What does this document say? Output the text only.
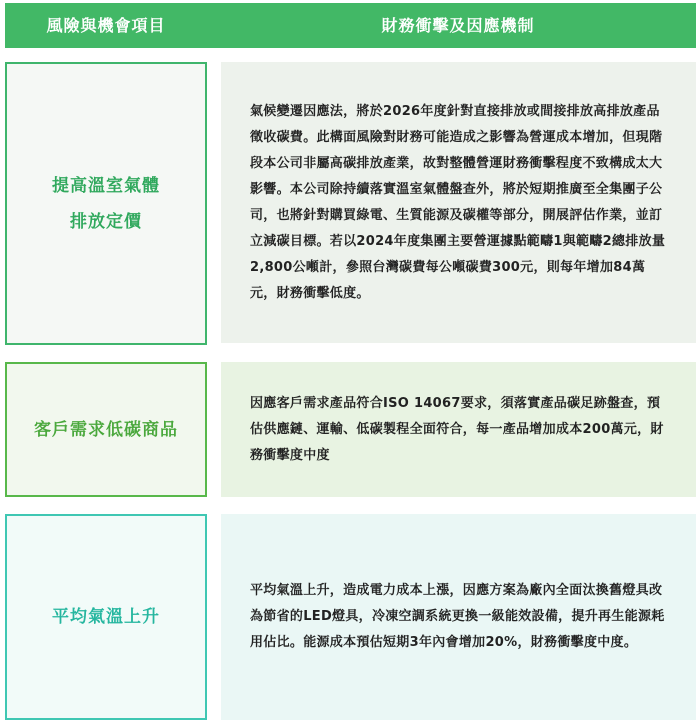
風險與機會項目	財務衝擊及因應機制
提高溫室氣體
排放定價

氣候變遷因應法，將於2026年度針對直接排放或間接排放高排放產品徵收碳費。此構面風險對財務可能造成之影響為營運成本增加，但現階段本公司非屬高碳排放產業，故對整體營運財務衝擊程度不致構成太大影響。本公司除持續落實溫室氣體盤查外，將於短期推廣至全集團子公司，也將針對購買綠電、生質能源及碳權等部分，開展評估作業，並訂立減碳目標。若以2024年度集團主要營運據點範疇1與範疇2總排放量2,800公噸計，參照台灣碳費每公噸碳費300元，則每年增加84萬元，財務衝擊低度。

客戶需求低碳商品

因應客戶需求產品符合ISO 14067要求，須落實產品碳足跡盤查，預估供應鏈、運輸、低碳製程全面符合，每一產品增加成本200萬元，財務衝擊度中度

平均氣溫上升

平均氣溫上升，造成電力成本上漲，因應方案為廠內全面汰換舊燈具改為節省的LED燈具，冷凍空調系統更換一級能效設備，提升再生能源耗用佔比。能源成本預估短期3年內會增加20%，財務衝擊度中度。
